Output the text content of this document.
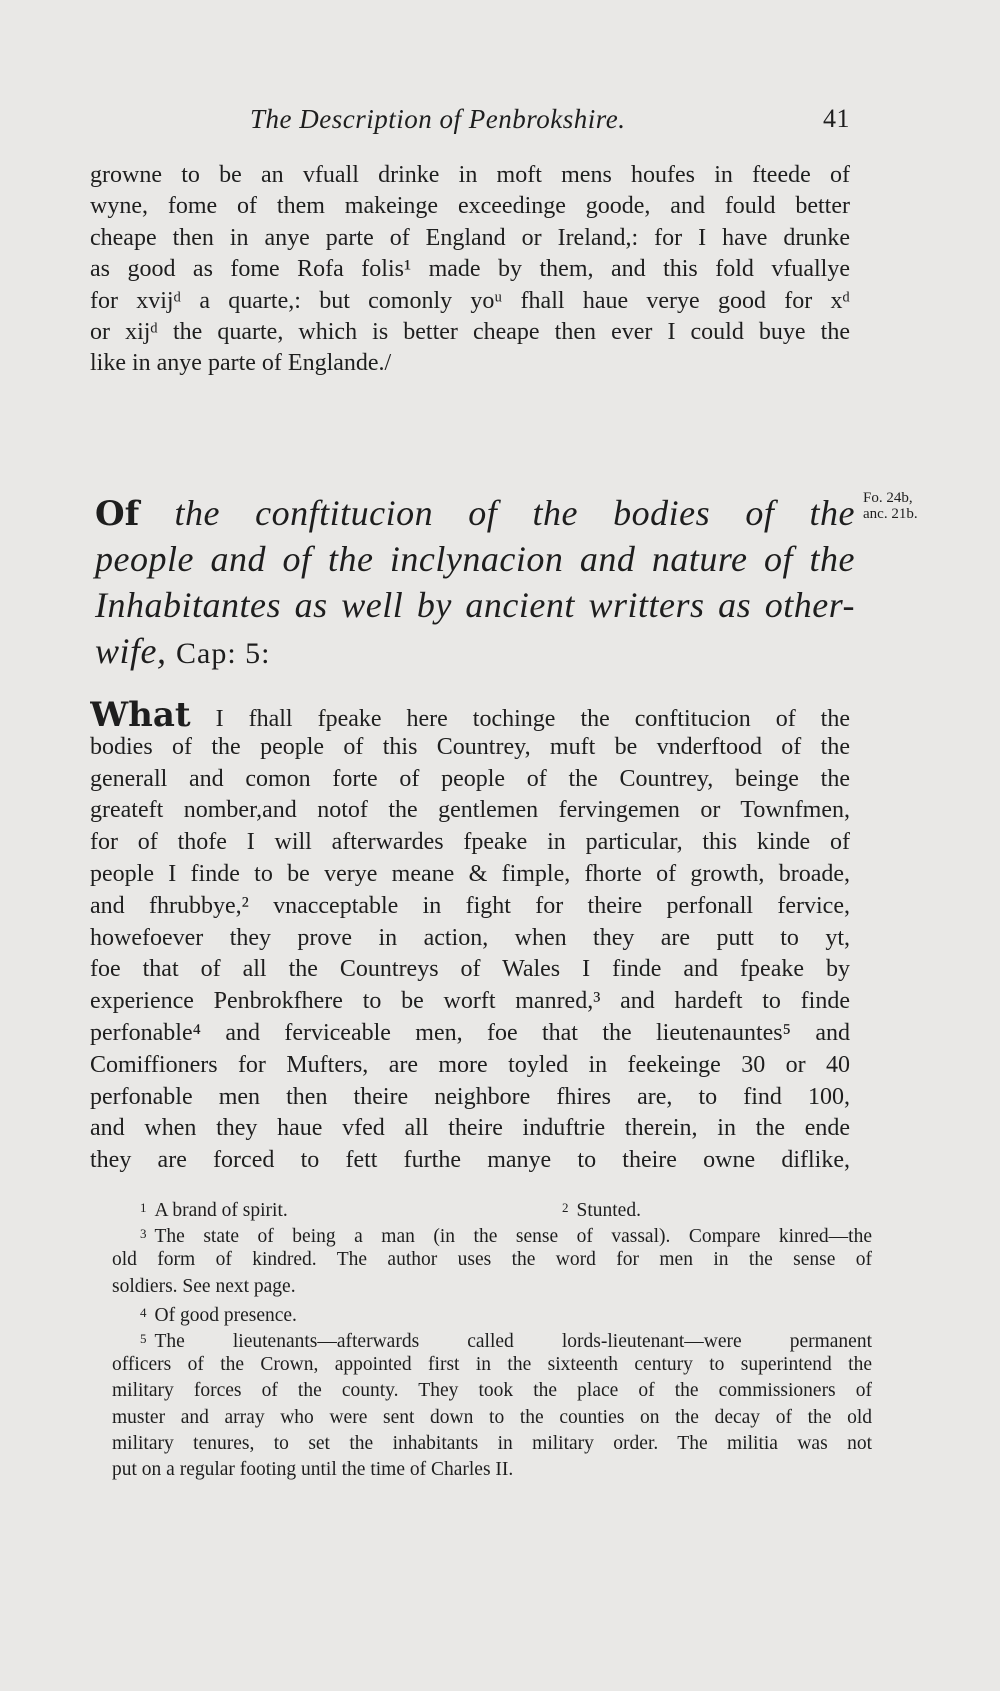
The Description of Penbrokshire.	41
growne to be an vfuall drinke in moft mens houfes in fteede of
wyne, fome of them makeinge exceedinge goode, and fould better
cheape then in anye parte of England or Ireland,: for I have drunke
as good as fome Rofa folis¹ made by them, and this fold vfuallye
for xvijᵈ a quarte,: but comonly yoᵘ fhall haue verye good for xᵈ
or xijᵈ the quarte, which is better cheape then ever I could buye the
like in anye parte of Englande./
Of the conftitucion of the bodies of the
people and of the inclynacion and nature of the
Inhabitantes as well by ancient writters as other-
wife, Cap: 5:
Fo. 24b,
anc. 21b.
What I fhall fpeake here tochinge the conftitucion of the
bodies of the people of this Countrey, muft be vnderftood of the
generall and comon forte of people of the Countrey, beinge the
greateft nomber,and notof the gentlemen fervingemen or Townfmen,
for of thofe I will afterwardes fpeake in particular, this kinde of
people I finde to be verye meane & fimple, fhorte of growth, broade,
and fhrubbye,² vnacceptable in fight for theire perfonall fervice,
howefoever they prove in action, when they are putt to yt,
foe that of all the Countreys of Wales I finde and fpeake by
experience Penbrokfhere to be worft manred,³ and hardeft to finde
perfonable⁴ and ferviceable men, foe that the lieutenauntes⁵ and
Comiffioners for Mufters, are more toyled in feekeinge 30 or 40
perfonable men then theire neighbore fhires are, to find 100,
and when they haue vfed all theire induftrie therein, in the ende
they are forced to fett furthe manye to theire owne diflike,
$^1$ A brand of spirit.	$^2$ Stunted.
$^3$ The state of being a man (in the sense of vassal). Compare kinred—the
old form of kindred. The author uses the word for men in the sense of
soldiers. See next page.
$^4$ Of good presence.
$^5$ The lieutenants—afterwards called lords-lieutenant—were permanent
officers of the Crown, appointed first in the sixteenth century to superintend the
military forces of the county. They took the place of the commissioners of
muster and array who were sent down to the counties on the decay of the old
military tenures, to set the inhabitants in military order. The militia was not
put on a regular footing until the time of Charles II.
